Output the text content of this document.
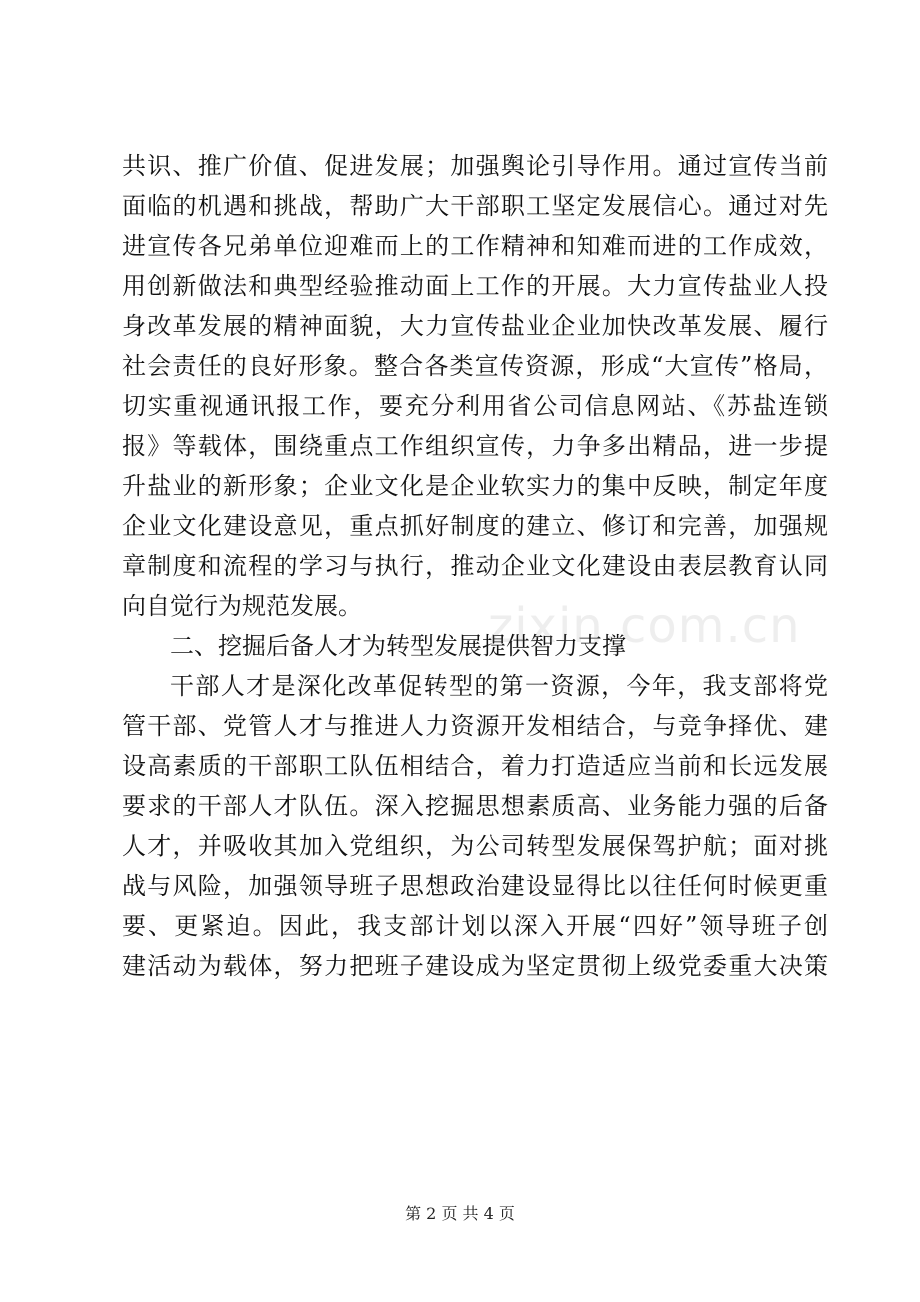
共识、推广价值、促进发展；加强舆论引导作用。通过宣传当前
面临的机遇和挑战，帮助广大干部职工坚定发展信心。通过对先
进宣传各兄弟单位迎难而上的工作精神和知难而进的工作成效，
用创新做法和典型经验推动面上工作的开展。大力宣传盐业人投
身改革发展的精神面貌，大力宣传盐业企业加快改革发展、履行
社会责任的良好形象。整合各类宣传资源，形成“大宣传”格局，
切实重视通讯报工作，要充分利用省公司信息网站、《苏盐连锁
报》等载体，围绕重点工作组织宣传，力争多出精品，进一步提
升盐业的新形象；企业文化是企业软实力的集中反映，制定年度
企业文化建设意见，重点抓好制度的建立、修订和完善，加强规
章制度和流程的学习与执行，推动企业文化建设由表层教育认同
向自觉行为规范发展。
二、挖掘后备人才为转型发展提供智力支撑
干部人才是深化改革促转型的第一资源，今年，我支部将党
管干部、党管人才与推进人力资源开发相结合，与竞争择优、建
设高素质的干部职工队伍相结合，着力打造适应当前和长远发展
要求的干部人才队伍。深入挖掘思想素质高、业务能力强的后备
人才，并吸收其加入党组织，为公司转型发展保驾护航；面对挑
战与风险，加强领导班子思想政治建设显得比以往任何时候更重
要、更紧迫。因此，我支部计划以深入开展“四好”领导班子创
建活动为载体，努力把班子建设成为坚定贯彻上级党委重大决策
zixin.com.cn
第 2 页 共 4 页
